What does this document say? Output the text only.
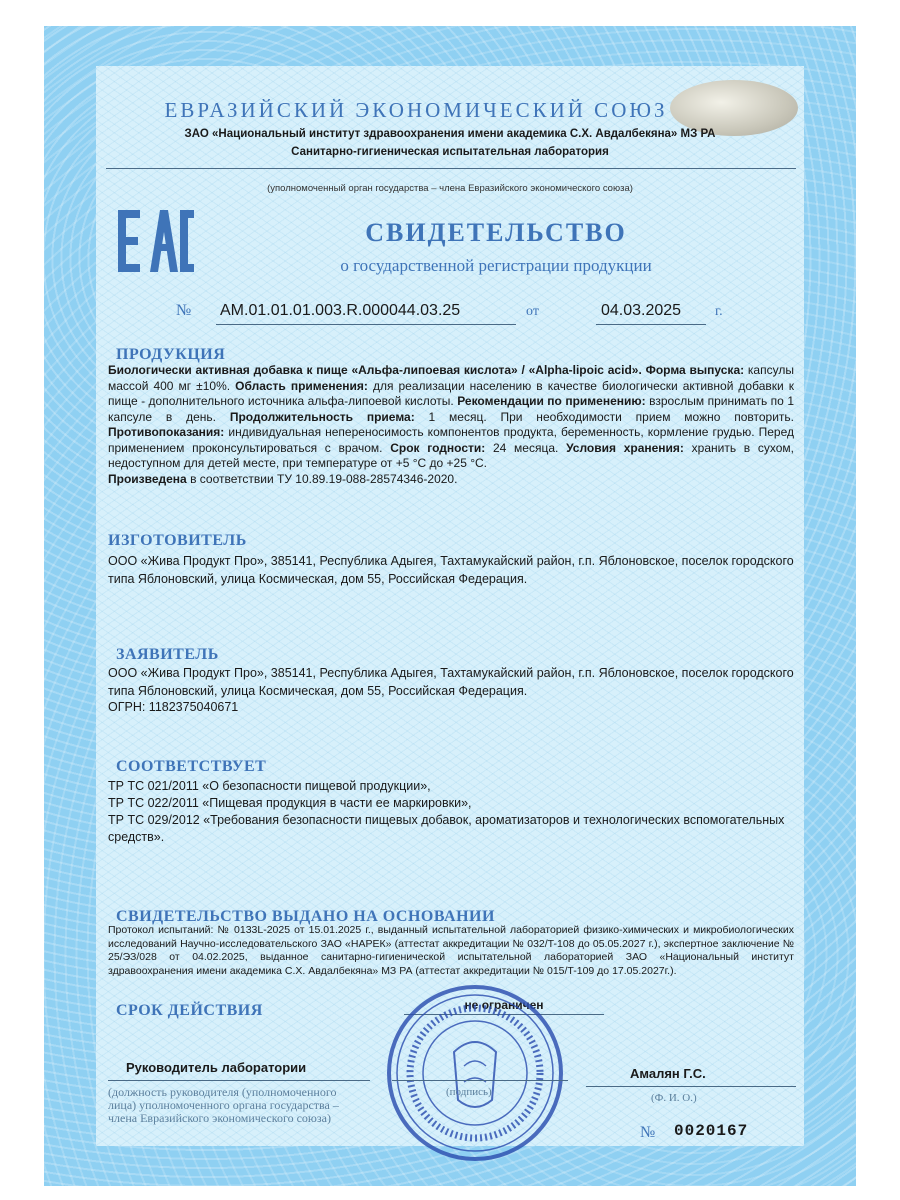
ЕВРАЗИЙСКИЙ ЭКОНОМИЧЕСКИЙ СОЮЗ
ЗАО «Национальный институт здравоохранения имени академика С.Х. Авдалбекяна» МЗ РА
Санитарно-гигиеническая испытательная лаборатория
(уполномоченный орган государства – члена Евразийского экономического союза)
СВИДЕТЕЛЬСТВО
о государственной регистрации продукции
№ AM.01.01.01.003.R.000044.03.25	от	04.03.2025 г.
ПРОДУКЦИЯ
Биологически активная добавка к пище «Альфа-липоевая кислота» / «Alpha-lipoic acid». Форма выпуска: капсулы массой 400 мг ±10%. Область применения: для реализации населению в качестве биологически активной добавки к пище - дополнительного источника альфа-липоевой кислоты. Рекомендации по применению: взрослым принимать по 1 капсуле в день. Продолжительность приема: 1 месяц. При необходимости прием можно повторить. Противопоказания: индивидуальная непереносимость компонентов продукта, беременность, кормление грудью. Перед применением проконсультироваться с врачом. Срок годности: 24 месяца. Условия хранения: хранить в сухом, недоступном для детей месте, при температуре от +5 °С до +25 °С.
Произведена в соответствии ТУ 10.89.19-088-28574346-2020.
ИЗГОТОВИТЕЛЬ
ООО «Жива Продукт Про», 385141, Республика Адыгея, Тахтамукайский район, г.п. Яблоновское, поселок городского типа Яблоновский, улица Космическая, дом 55, Российская Федерация.
ЗАЯВИТЕЛЬ
ООО «Жива Продукт Про», 385141, Республика Адыгея, Тахтамукайский район, г.п. Яблоновское, поселок городского типа Яблоновский, улица Космическая, дом 55, Российская Федерация.
ОГРН: 1182375040671
СООТВЕТСТВУЕТ
ТР ТС 021/2011 «О безопасности пищевой продукции»,
ТР ТС 022/2011 «Пищевая продукция в части ее маркировки»,
ТР ТС 029/2012 «Требования безопасности пищевых добавок, ароматизаторов и технологических вспомогательных средств».
СВИДЕТЕЛЬСТВО ВЫДАНО НА ОСНОВАНИИ
Протокол испытаний: № 0133L-2025 от 15.01.2025 г., выданный испытательной лабораторией физико-химических и микробиологических исследований Научно-исследовательского ЗАО «НАРЕК» (аттестат аккредитации № 032/T-108 до 05.05.2027 г.), экспертное заключение № 25/ЭЗ/028 от 04.02.2025, выданное санитарно-гигиенической испытательной лабораторией ЗАО «Национальный институт здравоохранения имени академика С.Х. Авдалбекяна» МЗ РА (аттестат аккредитации № 015/T-109 до 17.05.2027г.).
СРОК ДЕЙСТВИЯ	не ограничен
Руководитель лаборатории	Амалян Г.С.
(должность руководителя (уполномоченного лица) уполномоченного органа государства – члена Евразийского экономического союза)
(подпись)	(Ф. И. О.)
№ 0020167
